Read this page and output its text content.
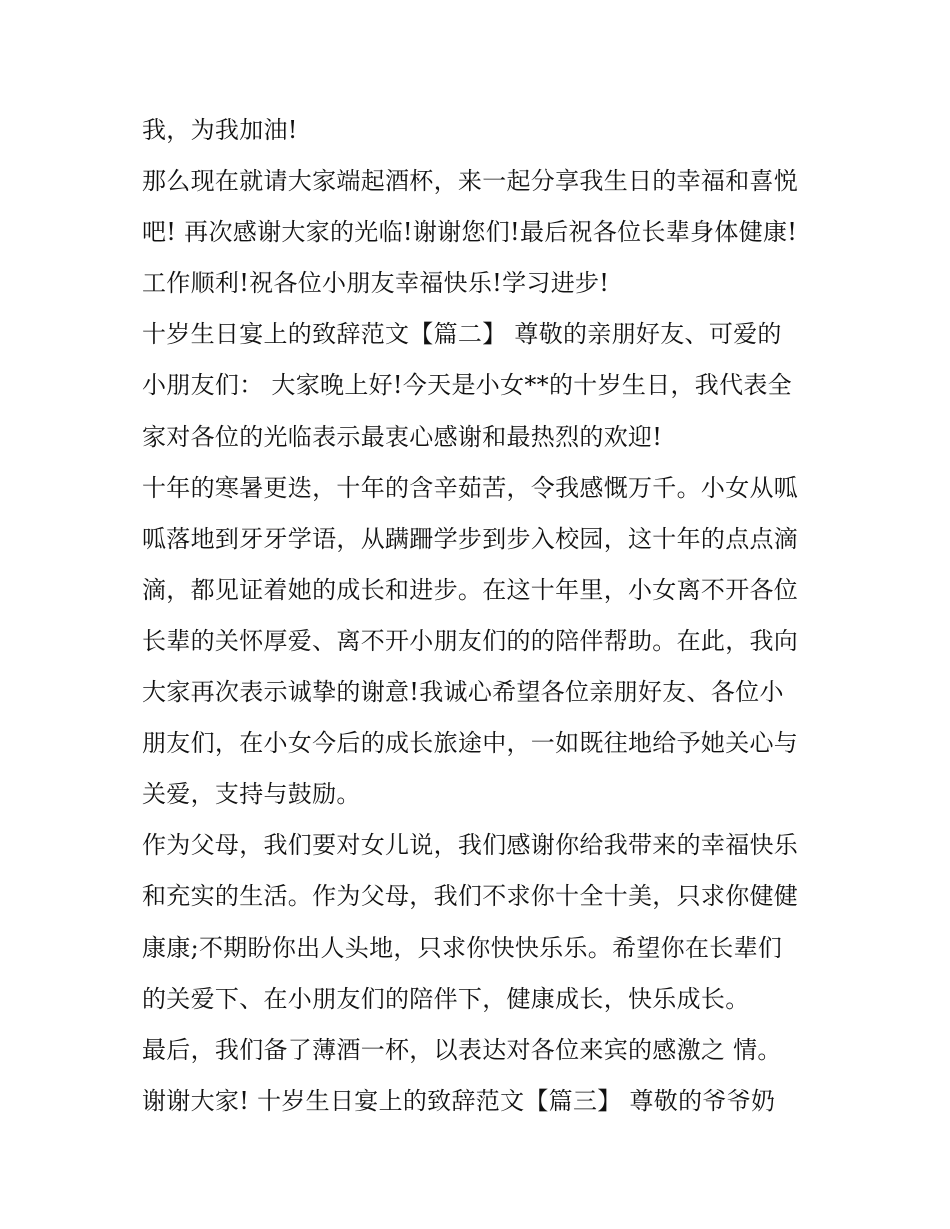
我，为我加油!
那么现在就请大家端起酒杯，来一起分享我生日的幸福和喜悦
吧! 再次感谢大家的光临!谢谢您们!最后祝各位长辈身体健康!
工作顺利!祝各位小朋友幸福快乐!学习进步!
十岁生日宴上的致辞范文【篇二】 尊敬的亲朋好友、可爱的
小朋友们： 大家晚上好!今天是小女**的十岁生日，我代表全
家对各位的光临表示最衷心感谢和最热烈的欢迎!
十年的寒暑更迭，十年的含辛茹苦，令我感慨万千。小女从呱
呱落地到牙牙学语，从蹒跚学步到步入校园，这十年的点点滴
滴，都见证着她的成长和进步。在这十年里，小女离不开各位
长辈的关怀厚爱、离不开小朋友们的的陪伴帮助。在此，我向
大家再次表示诚挚的谢意!我诚心希望各位亲朋好友、各位小
朋友们，在小女今后的成长旅途中，一如既往地给予她关心与
关爱，支持与鼓励。
作为父母，我们要对女儿说，我们感谢你给我带来的幸福快乐
和充实的生活。作为父母，我们不求你十全十美，只求你健健
康康;不期盼你出人头地，只求你快快乐乐。希望你在长辈们
的关爱下、在小朋友们的陪伴下，健康成长，快乐成长。
最后，我们备了薄酒一杯，以表达对各位来宾的感激之 情。
谢谢大家! 十岁生日宴上的致辞范文【篇三】 尊敬的爷爷奶
